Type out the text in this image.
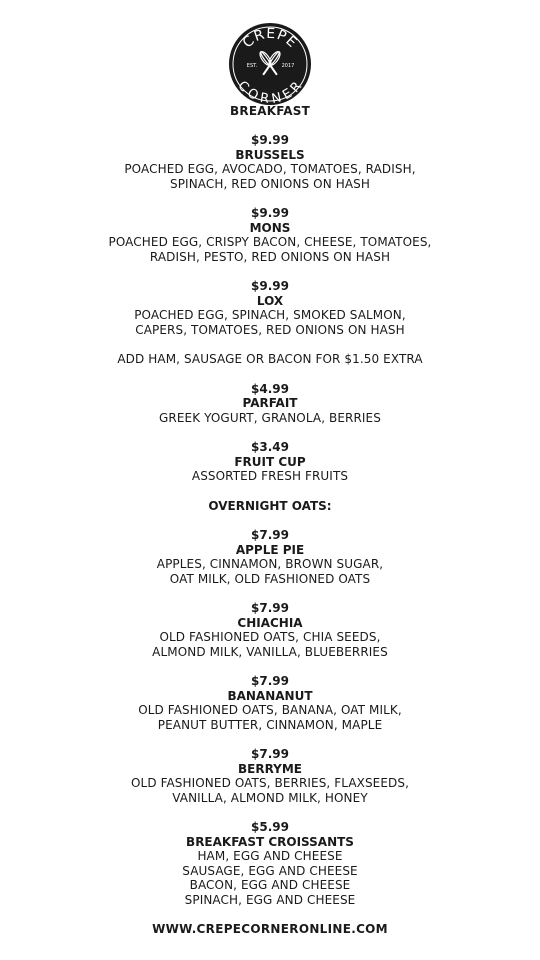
CREPE
CORNER
EST.	2017
BREAKFAST
$9.99
BRUSSELS
POACHED EGG, AVOCADO, TOMATOES, RADISH,
SPINACH, RED ONIONS ON HASH
$9.99
MONS
POACHED EGG, CRISPY BACON, CHEESE, TOMATOES,
RADISH, PESTO, RED ONIONS ON HASH
$9.99
LOX
POACHED EGG, SPINACH, SMOKED SALMON,
CAPERS, TOMATOES, RED ONIONS ON HASH
ADD HAM, SAUSAGE OR BACON FOR $1.50 EXTRA
$4.99
PARFAIT
GREEK YOGURT, GRANOLA, BERRIES
$3.49
FRUIT CUP
ASSORTED FRESH FRUITS
OVERNIGHT OATS:
$7.99
APPLE PIE
APPLES, CINNAMON, BROWN SUGAR,
OAT MILK, OLD FASHIONED OATS
$7.99
CHIACHIA
OLD FASHIONED OATS, CHIA SEEDS,
ALMOND MILK, VANILLA, BLUEBERRIES
$7.99
BANANANUT
OLD FASHIONED OATS, BANANA, OAT MILK,
PEANUT BUTTER, CINNAMON, MAPLE
$7.99
BERRYME
OLD FASHIONED OATS, BERRIES, FLAXSEEDS,
VANILLA, ALMOND MILK, HONEY
$5.99
BREAKFAST CROISSANTS
HAM, EGG AND CHEESE
SAUSAGE, EGG AND CHEESE
BACON, EGG AND CHEESE
SPINACH, EGG AND CHEESE
WWW.CREPECORNERONLINE.COM
